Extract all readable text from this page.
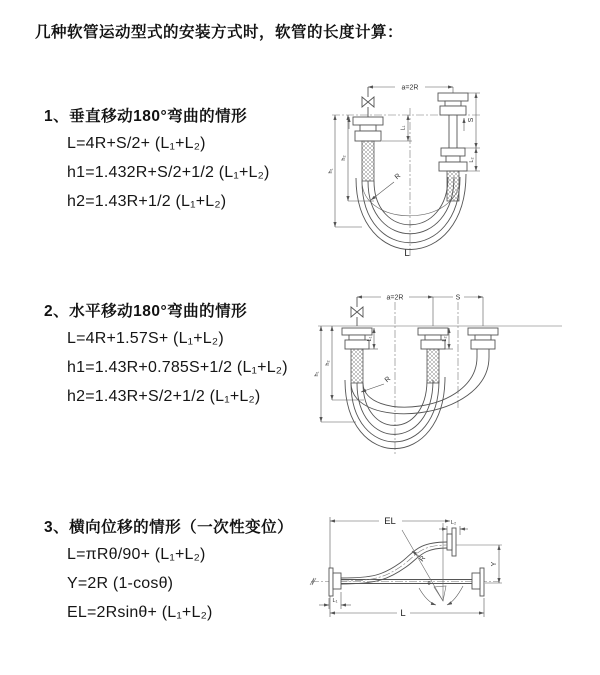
几种软管运动型式的安装方式时，软管的长度计算：
1、垂直移动180°弯曲的情形
L=4R+S/2+ (L₁+L₂)
h1=1.432R+S/2+1/2 (L₁+L₂)
h2=1.43R+1/2 (L₁+L₂)
2、水平移动180°弯曲的情形
L=4R+1.57S+ (L₁+L₂)
h1=1.43R+0.785S+1/2 (L₁+L₂)
h2=1.43R+S/2+1/2 (L₁+L₂)
3、横向位移的情形（一次性变位）
L=πRθ/90+ (L₁+L₂)
Y=2R (1-cosθ)
EL=2Rsinθ+ (L₁+L₂)
a=2R
R
L
h₂
h₁
L₁
S
L₂
a=2R	S
R
h₂
h₁
L₁	L₂
EL	L₂
θ
R
Y
L₁
L
